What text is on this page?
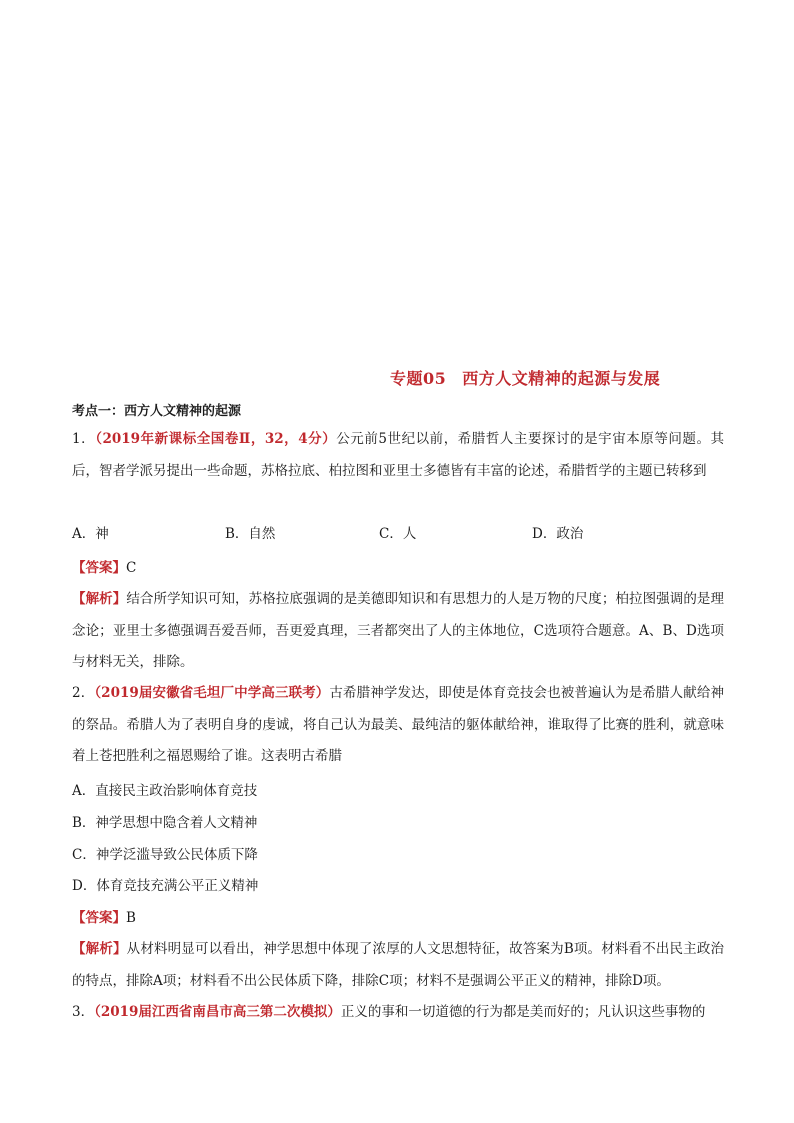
专题05 西方人文精神的起源与发展
考点一：西方人文精神的起源
1．（2019年新课标全国卷Ⅱ，32，4分）公元前5世纪以前，希腊哲人主要探讨的是宇宙本原等问题。其后，智者学派另提出一些命题，苏格拉底、柏拉图和亚里士多德皆有丰富的论述，希腊哲学的主题已转移到
A．神	B．自然	C．人	D．政治
【答案】C
【解析】结合所学知识可知，苏格拉底强调的是美德即知识和有思想力的人是万物的尺度；柏拉图强调的是理念论；亚里士多德强调吾爱吾师，吾更爱真理，三者都突出了人的主体地位，C选项符合题意。A、B、D选项与材料无关，排除。
2．（2019届安徽省毛坦厂中学高三联考）古希腊神学发达，即使是体育竞技会也被普遍认为是希腊人献给神的祭品。希腊人为了表明自身的虔诚，将自己认为最美、最纯洁的躯体献给神，谁取得了比赛的胜利，就意味着上苍把胜利之福恩赐给了谁。这表明古希腊
A．直接民主政治影响体育竞技
B．神学思想中隐含着人文精神
C．神学泛滥导致公民体质下降
D．体育竞技充满公平正义精神
【答案】B
【解析】从材料明显可以看出，神学思想中体现了浓厚的人文思想特征，故答案为B项。材料看不出民主政治的特点，排除A项；材料看不出公民体质下降，排除C项；材料不是强调公平正义的精神，排除D项。
3．（2019届江西省南昌市高三第二次模拟）正义的事和一切道德的行为都是美而好的；凡认识这些事物的
